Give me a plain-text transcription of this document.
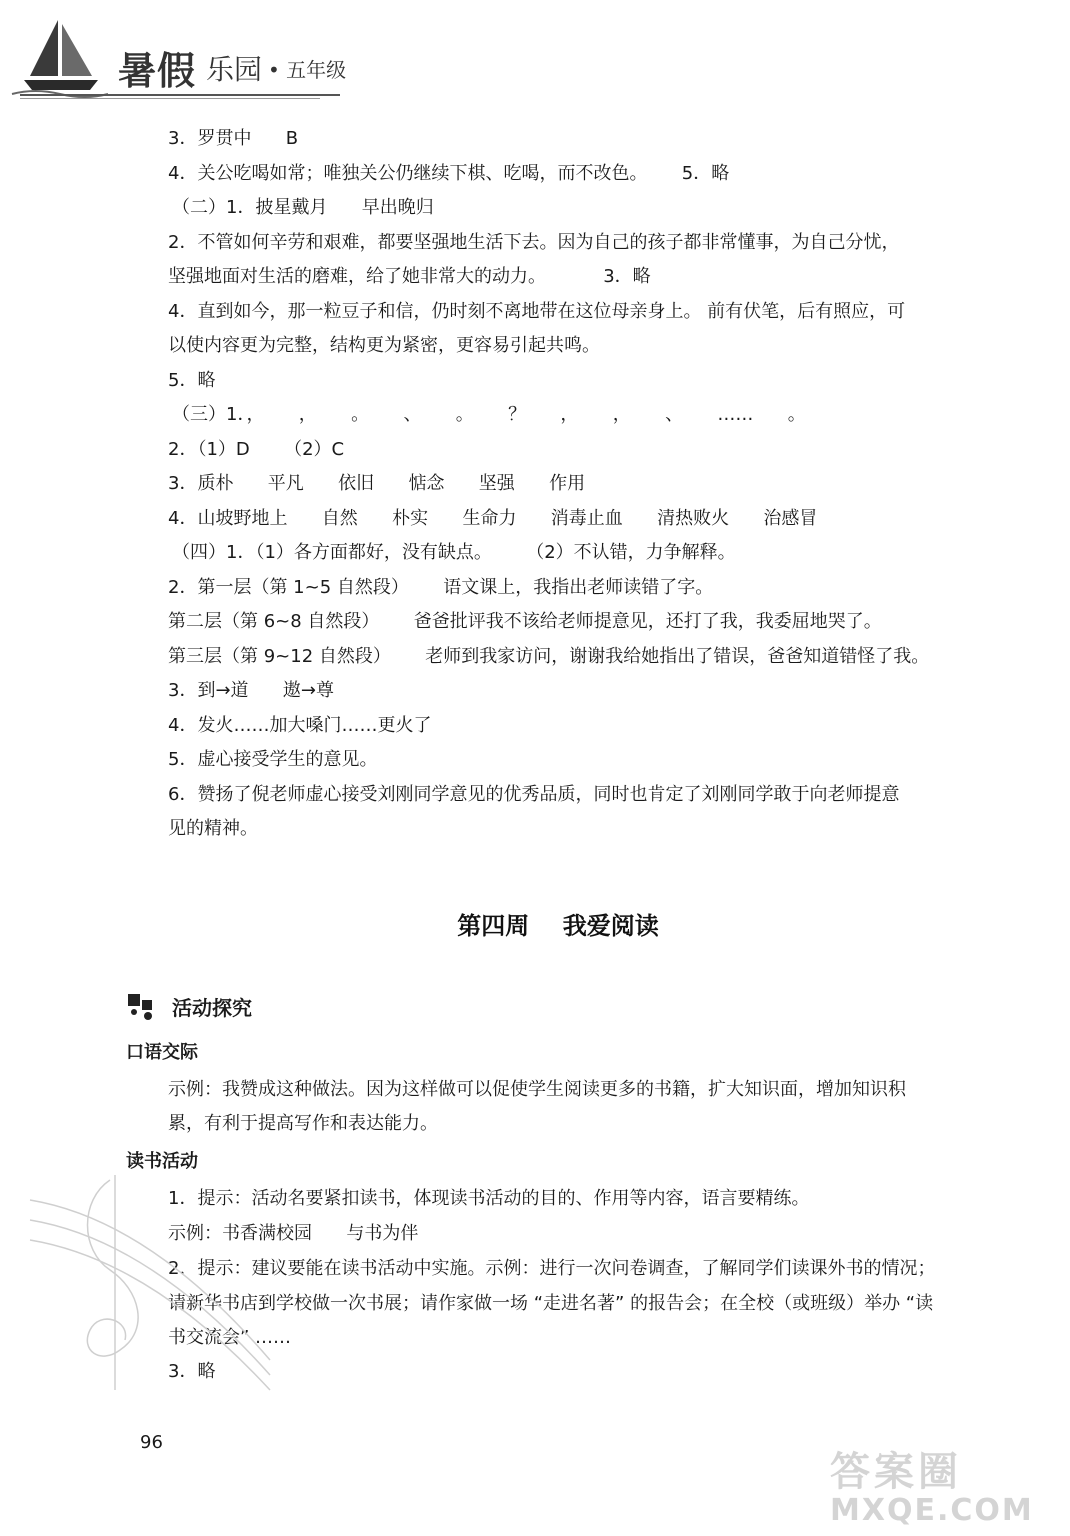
暑假 乐园 • 五年级
3．罗贯中      B
4．关公吃喝如常；唯独关公仍继续下棋、吃喝，而不改色。      5．略
（二）1．披星戴月      早出晚归
2．不管如何辛劳和艰难，都要坚强地生活下去。因为自己的孩子都非常懂事，为自己分忧，
坚强地面对生活的磨难，给了她非常大的动力。          3．略
4．直到如今，那一粒豆子和信，仍时刻不离地带在这位母亲身上。 前有伏笔，后有照应，可
以使内容更为完整，结构更为紧密，更容易引起共鸣。
5．略
（三）1．，      ，      。      、      。      ？      ，      ，      、      ……      。
2．（1）D      （2）C
3．质朴      平凡      依旧      惦念      坚强      作用
4．山坡野地上      自然      朴实      生命力      消毒止血      清热败火      治感冒
（四）1．（1）各方面都好，没有缺点。      （2）不认错，力争解释。
2．第一层（第 1~5 自然段）      语文课上，我指出老师读错了字。
第二层（第 6~8 自然段）      爸爸批评我不该给老师提意见，还打了我，我委屈地哭了。
第三层（第 9~12 自然段）      老师到我家访问，谢谢我给她指出了错误，爸爸知道错怪了我。
3．到→道      遨→尊
4．发火……加大嗓门……更火了
5．虚心接受学生的意见。
6．赞扬了倪老师虚心接受刘刚同学意见的优秀品质，同时也肯定了刘刚同学敢于向老师提意
见的精神。
第四周    我爱阅读
活动探究
口语交际
示例：我赞成这种做法。因为这样做可以促使学生阅读更多的书籍，扩大知识面，增加知识积
累，有利于提高写作和表达能力。
读书活动
1．提示：活动名要紧扣读书，体现读书活动的目的、作用等内容，语言要精练。
示例：书香满校园      与书为伴
2．提示：建议要能在读书活动中实施。示例：进行一次问卷调查，了解同学们读课外书的情况；
请新华书店到学校做一次书展；请作家做一场 “走进名著” 的报告会；在全校（或班级）举办 “读
书交流会” ……
3．略
96
答案圈
MXQE.COM
